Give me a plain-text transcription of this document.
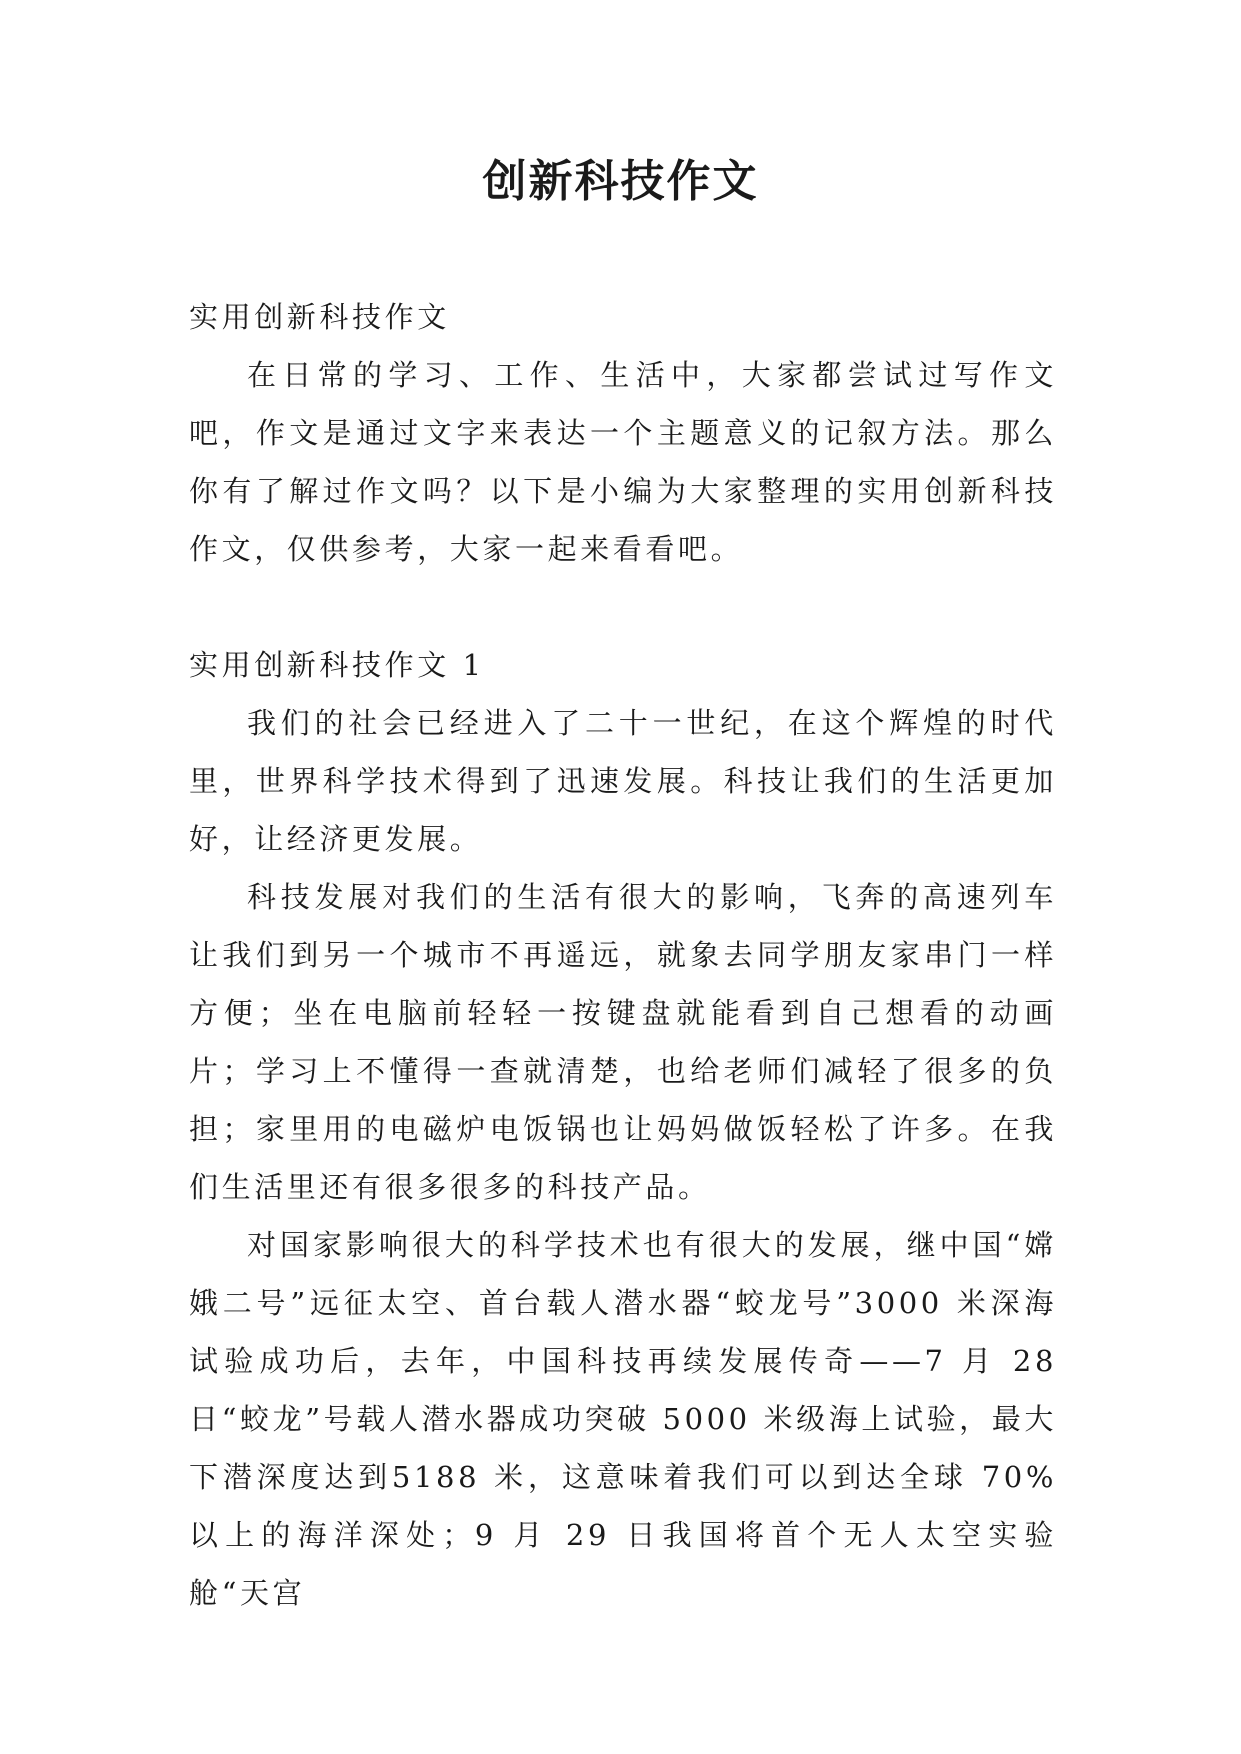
创新科技作文

实用创新科技作文

在日常的学习、工作、生活中，大家都尝试过写作文吧，作文是通过文字来表达一个主题意义的记叙方法。那么你有了解过作文吗？以下是小编为大家整理的实用创新科技作文，仅供参考，大家一起来看看吧。

实用创新科技作文 1

我们的社会已经进入了二十一世纪，在这个辉煌的时代里，世界科学技术得到了迅速发展。科技让我们的生活更加好，让经济更发展。

科技发展对我们的生活有很大的影响，飞奔的高速列车让我们到另一个城市不再遥远，就象去同学朋友家串门一样方便；坐在电脑前轻轻一按键盘就能看到自己想看的动画片；学习上不懂得一查就清楚，也给老师们减轻了很多的负担；家里用的电磁炉电饭锅也让妈妈做饭轻松了许多。在我们生活里还有很多很多的科技产品。

对国家影响很大的科学技术也有很大的发展，继中国“嫦娥二号”远征太空、首台载人潜水器“蛟龙号”3000 米深海试验成功后，去年，中国科技再续发展传奇——7 月 28 日“蛟龙”号载人潜水器成功突破 5000 米级海上试验，最大下潜深度达到5188 米，这意味着我们可以到达全球 70%以上的海洋深处；9 月 29 日我国将首个无人太空实验舱“天宫
